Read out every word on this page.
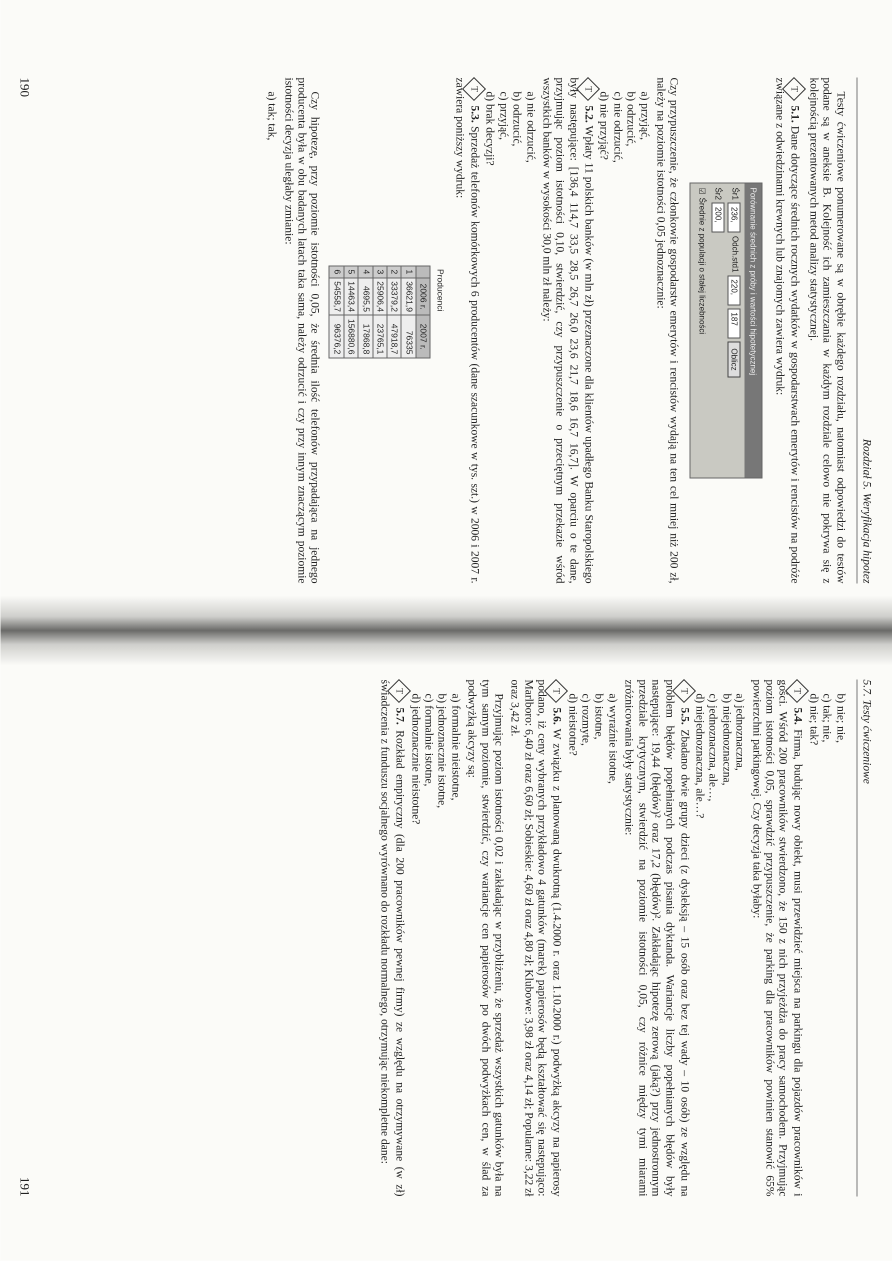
Rozdział 5. Weryfikacja hipotez

Testy ćwiczeniowe ponumerowane są w obrębie każdego rozdziału, natomiast odpowiedzi do testów podane są w aneksie B. Kolejność ich zamieszczania w każdym rozdziale celowo nie pokrywa się z kolejnością prezentowanych metod analizy statystycznej.

T5.1. Dane dotyczące średnich rocznych wydatków w gospodarstwach emerytów i rencistów na podróże związane z odwiedzinami krewnych lub znajomych zawiera wydruk:

Porównanie średnich z próby i wartości hipotetycznej
Śr1
236,
Odch.std1
220,
187
Oblicz
Śr2
200,
☑
Średnie z populacji o stałej liczebności

Czy przypuszczenie, że członkowie gospodarstw emerytów i rencistów wydają na ten cel mniej niż 200 zł, należy na poziomie istotności 0,05 jednoznacznie:

a) przyjąć,
b) odrzucić,
c) nie odrzucić,
d) nie przyjąć?

T5.2. Wpłaty 11 polskich banków (w mln zł) przeznaczone dla klientów upadłego Banku Staropolskiego były następujące: [136,4 114,7 33,5 28,5 26,7 26,0 23,6 21,7 18,6 16,7 16,7]. W oparciu o te dane, przyjmując poziom istotności 0,10, stwierdzić, czy przypuszczenie o przeciętnym przekazie wśród wszystkich banków w wysokości 30,0 mln zł należy:

a) nie odrzucić,
b) odrzucić,
c) przyjąć,
d) brak decyzji?

T5.3. Sprzedaż telefonów komórkowych 6 producentów (dane szacunkowe w tys. szt.) w 2006 i 2007 r. zawiera poniższy wydruk:

Producenci		
	2006 r.	2007 r.
1	36621,9	76335
2	33379,2	47918,7
3	25906,4	23765,1
4	4695,5	17868,8
5	14463,4	156880,6
6	54558,7	96376,2

Czy hipotezę, przy poziomie istotności 0,05, że średnia ilość telefonów przypadająca na jednego producenta była w obu badanych latach taka sama, należy odrzucić i czy przy innym znaczącym poziomie istotności decyzja uległaby zmianie:

a) tak; tak,
190
5.7. Testy ćwiczeniowe
b) nie; nie,
c) tak; nie,
d) nie; tak?

T5.4. Firma, budując nowy obiekt, musi przewidzieć miejsca na parkingu dla pojazdów pracowników i gości. Wśród 200 pracowników stwierdzono, że 150 z nich przyjeżdża do pracy samochodem. Przyjmując poziom istotności 0,05, sprawdzić przypuszczenie, że parking dla pracowników powinien stanowić 65% powierzchni parkingowej. Czy decyzja taka byłaby:

a) jednoznaczna,
b) niejednoznaczna,
c) jednoznaczna, ale…,
d) niejednoznaczna, ale…?

T5.5. Zbadano dwie grupy dzieci (z dysleksją – 15 osób oraz bez tej wady – 10 osób) ze względu na problem błędów popełnianych podczas pisania dyktanda. Wariancje liczby popełnianych błędów były następujące: 19,44 (błędów)² oraz 17,2 (błędów)². Zakładając hipotezę zerową (jaką?) przy jednostronnym przedziale krytycznym, stwierdzić na poziomie istotności 0,05, czy różnice między tymi miarami zróżnicowania były statystycznie:

a) wyraźnie istotne,
b) istotne,
c) rozmyte,
d) nieistotne?

T5.6. W związku z planowaną dwukrotną (1.4.2000 r. oraz 1.10.2000 r.) podwyżką akcyzy na papierosy podano, iż ceny wybranych przykładowo 4 gatunków (marek) papierosów będą kształtować się następująco: Marlboro: 6,40 zł oraz 6,60 zł; Sobieskie: 4,60 zł oraz 4,80 zł; Klubowe: 3,98 zł oraz 4,14 zł; Popularne: 3,22 zł oraz 3,42 zł.

Przyjmując poziom istotności 0,02 i zakładając w przybliżeniu, że sprzedaż wszystkich gatunków była na tym samym poziomie, stwierdzić, czy wariancje cen papierosów po dwóch podwyżkach cen, w ślad za podwyżką akcyzy są:

a) formalnie nieistotne,
b) jednoznacznie istotne,
c) formalnie istotne,
d) jednoznacznie nieistotne?

T5.7. Rozkład empiryczny (dla 200 pracowników pewnej firmy) ze względu na otrzymywane (w zł) świadczenia z funduszu socjalnego wyrównano do rozkładu normalnego, otrzymując niekompletne dane:

191
